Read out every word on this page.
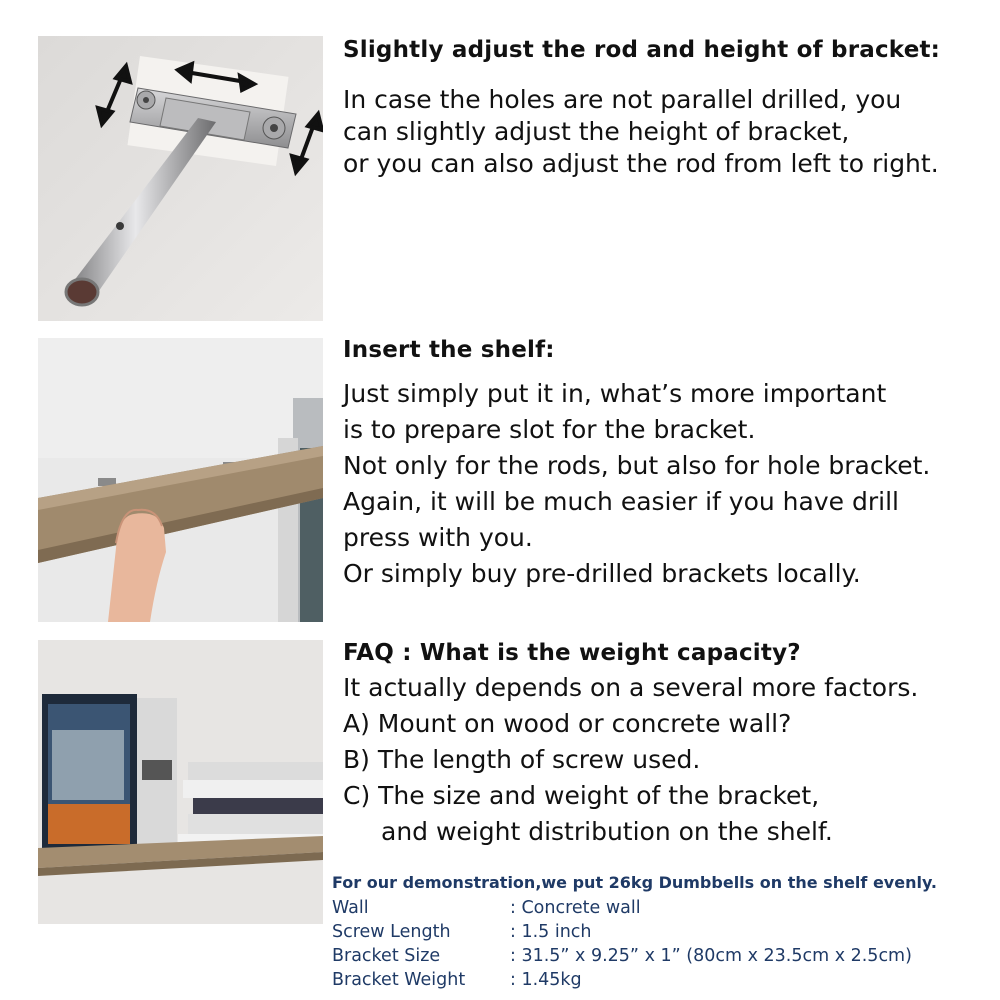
Slightly adjust the rod and height of bracket:
In case the holes are not parallel drilled, you
can slightly adjust the height of bracket,
or you can also adjust the rod from left to right.
Insert the shelf:
Just simply put it in, what’s more important
is to prepare slot for the bracket.
Not only for the rods, but also for hole bracket.
Again, it will be much easier if you have drill
press with you.
Or simply buy pre-drilled brackets locally.
FAQ : What is the weight capacity?
It actually depends on a several more factors.
A) Mount on wood or concrete wall?
B) The length of screw used.
C) The size and weight of the bracket,
and weight distribution on the shelf.
For our demonstration,we put 26kg Dumbbells on the shelf evenly.
Wall	: Concrete wall
Screw Length	: 1.5 inch
Bracket Size	: 31.5” x 9.25” x 1” (80cm x 23.5cm x 2.5cm)
Bracket Weight	: 1.45kg
